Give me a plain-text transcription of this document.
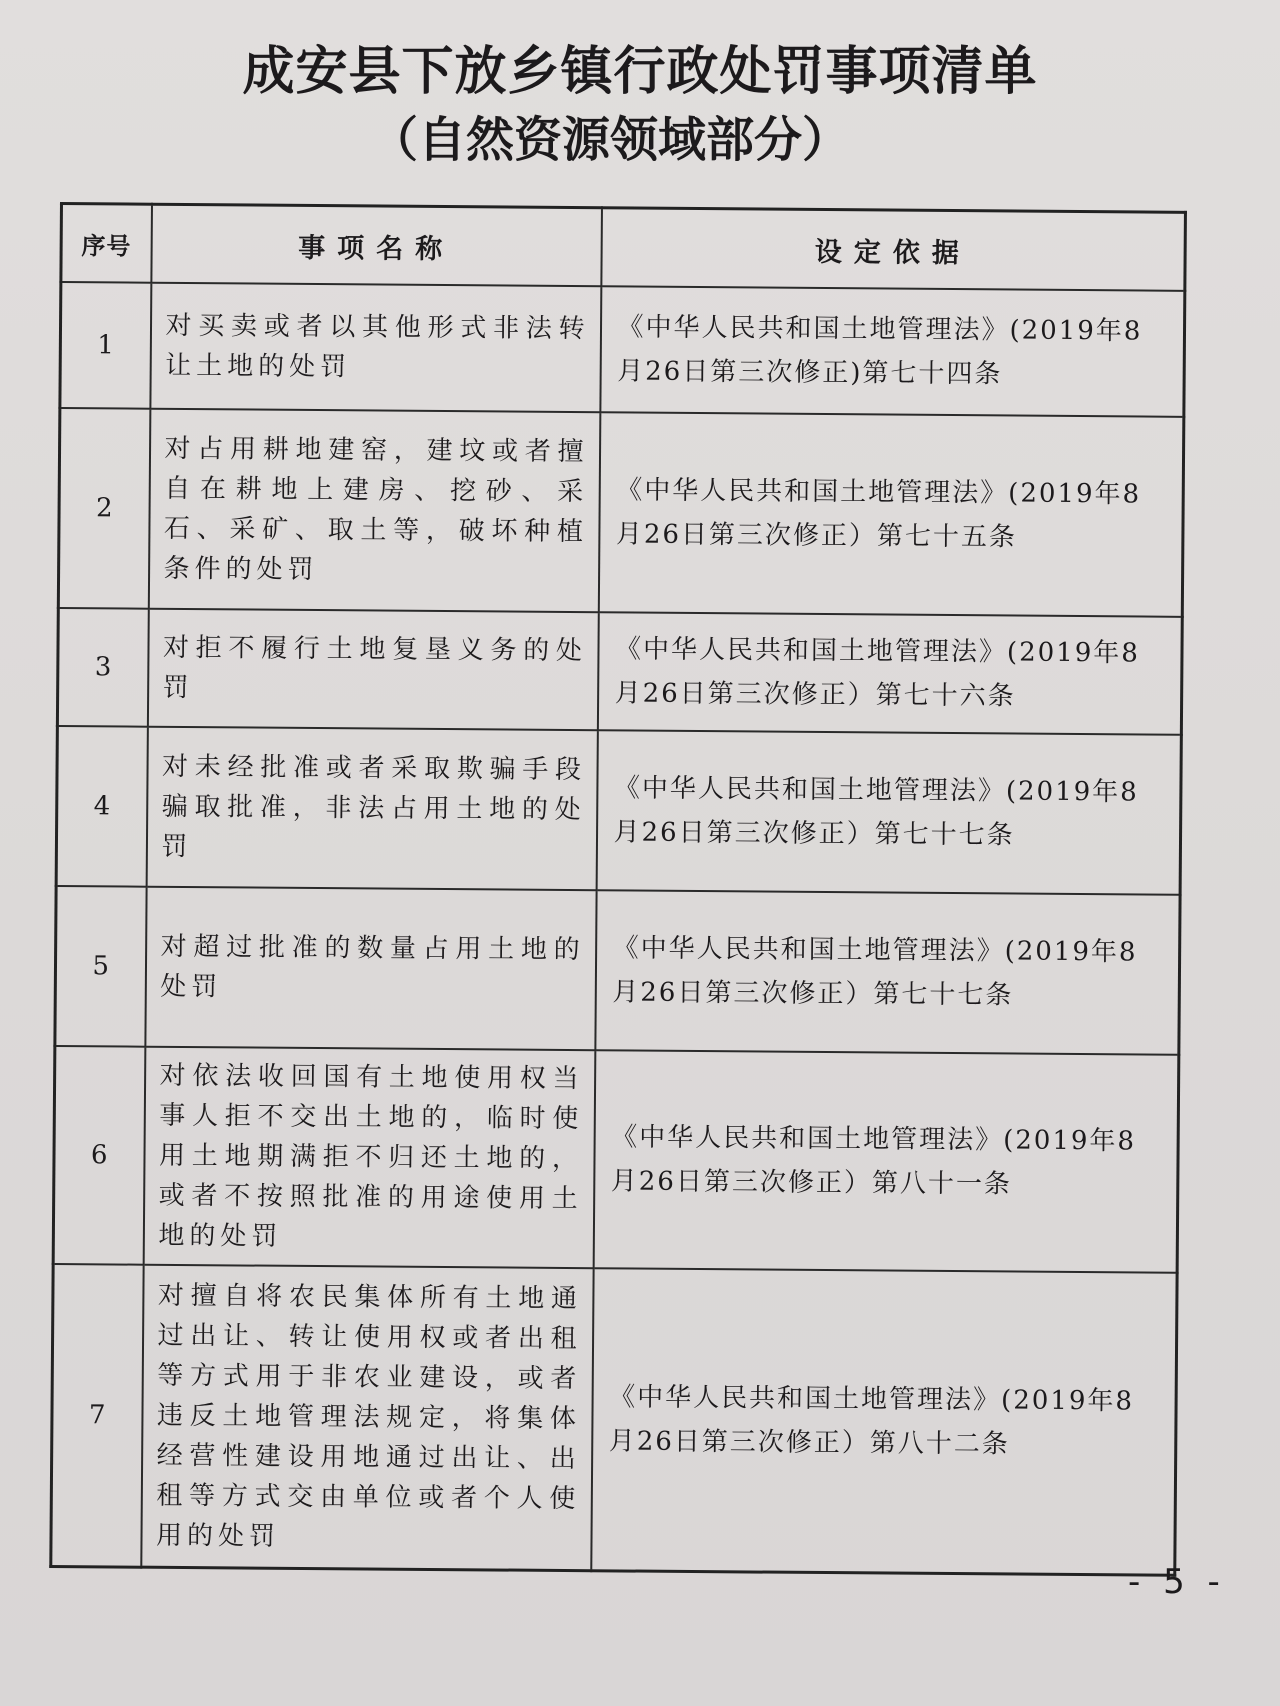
成安县下放乡镇行政处罚事项清单
（自然资源领域部分）
序号	事项名称	设定依据
1	对买卖或者以其他形式非法转让土地的处罚	《中华人民共和国土地管理法》(2019年8月26日第三次修正)第七十四条
2	对占用耕地建窑，建坟或者擅自在耕地上建房、挖砂、采石、采矿、取土等，破坏种植条件的处罚	《中华人民共和国土地管理法》(2019年8月26日第三次修正）第七十五条
3	对拒不履行土地复垦义务的处罚	《中华人民共和国土地管理法》(2019年8月26日第三次修正）第七十六条
4	对未经批准或者采取欺骗手段骗取批准，非法占用土地的处罚	《中华人民共和国土地管理法》(2019年8月26日第三次修正）第七十七条
5	对超过批准的数量占用土地的处罚	《中华人民共和国土地管理法》(2019年8月26日第三次修正）第七十七条
6	对依法收回国有土地使用权当事人拒不交出土地的，临时使用土地期满拒不归还土地的，或者不按照批准的用途使用土地的处罚	《中华人民共和国土地管理法》(2019年8月26日第三次修正）第八十一条
7	对擅自将农民集体所有土地通过出让、转让使用权或者出租等方式用于非农业建设，或者违反土地管理法规定，将集体经营性建设用地通过出让、出租等方式交由单位或者个人使用的处罚	《中华人民共和国土地管理法》(2019年8月26日第三次修正）第八十二条
- 5 -
